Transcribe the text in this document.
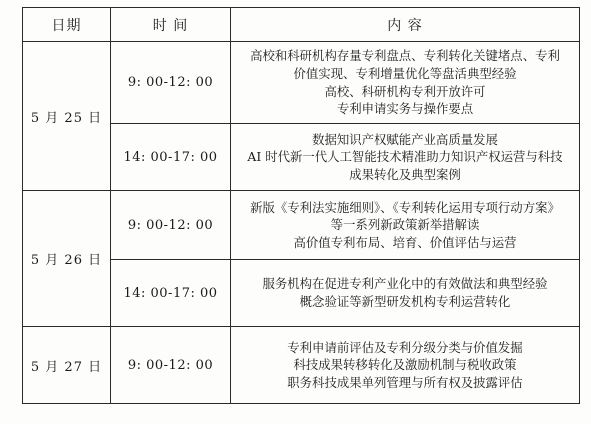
日期	时 间	内 容
5 月 25 日	9: 00-12: 00	高校和科研机构存量专利盘点、专利转化关键堵点、专利
价值实现、专利增量优化等盘活典型经验
高校、科研机构专利开放许可
专利申请实务与操作要点

	14: 00-17: 00	数据知识产权赋能产业高质量发展
AI 时代新一代人工智能技术精准助力知识产权运营与科技
成果转化及典型案例

5 月 26 日	9: 00-12: 00	新版《专利法实施细则》、《专利转化运用专项行动方案》
等一系列新政策新举措解读
高价值专利布局、培育、价值评估与运营

	14: 00-17: 00	服务机构在促进专利产业化中的有效做法和典型经验
概念验证等新型研发机构专利运营转化

5 月 27 日	9: 00-12: 00	专利申请前评估及专利分级分类与价值发掘
科技成果转移转化及激励机制与税收政策
职务科技成果单列管理与所有权及披露评估
